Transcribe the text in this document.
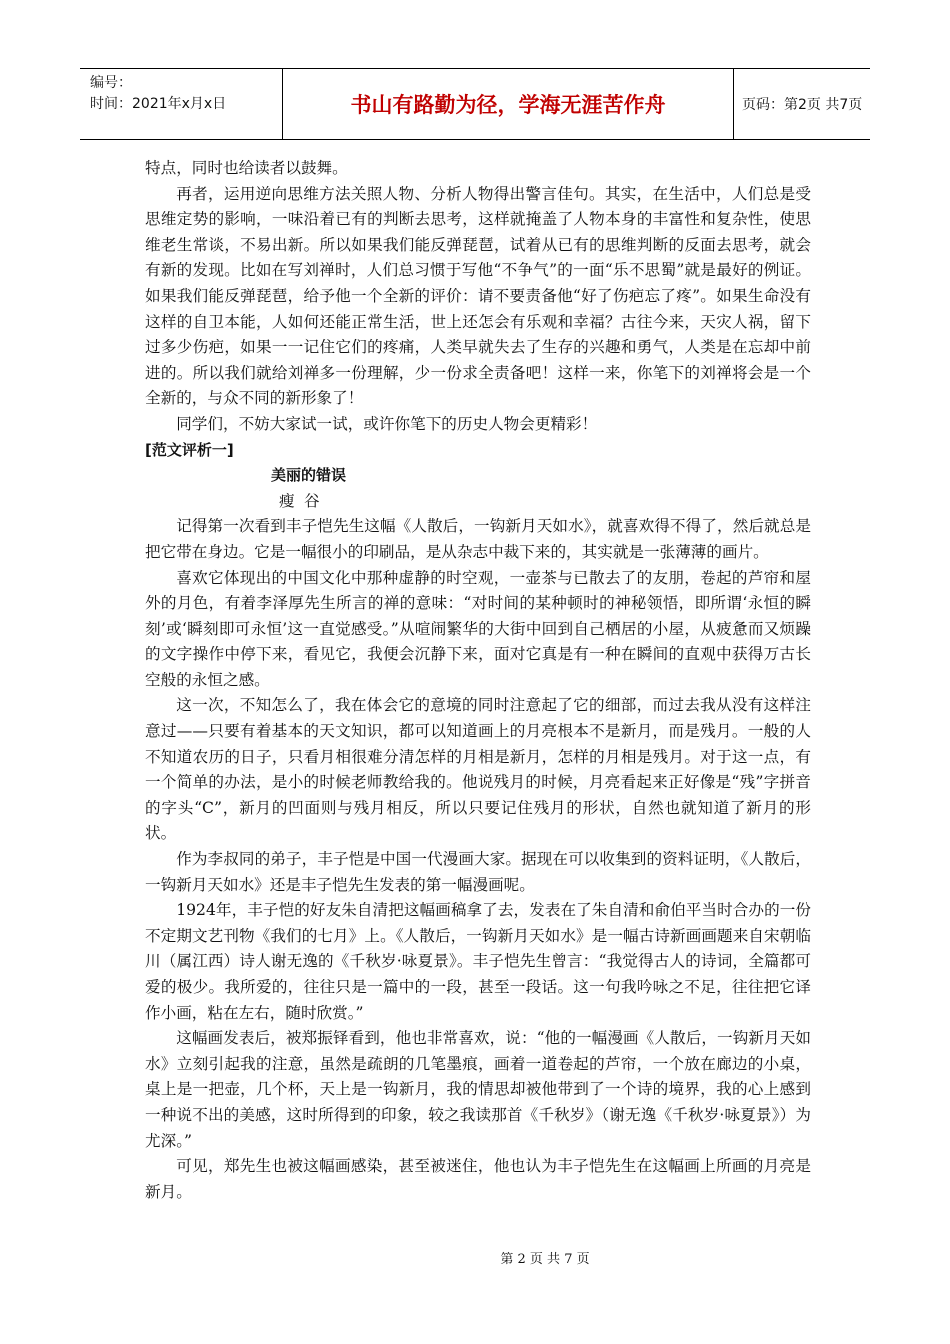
编号：
时间：2021年x月x日	书山有路勤为径，学海无涯苦作舟	页码：第2页 共7页

特点，同时也给读者以鼓舞。

再者，运用逆向思维方法关照人物、分析人物得出警言佳句。其实，在生活中，人们总是受思维定势的影响，一味沿着已有的判断去思考，这样就掩盖了人物本身的丰富性和复杂性，使思维老生常谈，不易出新。所以如果我们能反弹琵琶，试着从已有的思维判断的反面去思考，就会有新的发现。比如在写刘禅时，人们总习惯于写他“不争气”的一面“乐不思蜀”就是最好的例证。如果我们能反弹琵琶，给予他一个全新的评价：请不要责备他“好了伤疤忘了疼”。如果生命没有这样的自卫本能，人如何还能正常生活，世上还怎会有乐观和幸福？古往今来，天灾人祸，留下过多少伤疤，如果一一记住它们的疼痛，人类早就失去了生存的兴趣和勇气，人类是在忘却中前进的。所以我们就给刘禅多一份理解，少一份求全责备吧！这样一来，你笔下的刘禅将会是一个全新的，与众不同的新形象了！

同学们，不妨大家试一试，或许你笔下的历史人物会更精彩！

[范文评析一]

美丽的错误

瘦谷

记得第一次看到丰子恺先生这幅《人散后，一钩新月天如水》，就喜欢得不得了，然后就总是把它带在身边。它是一幅很小的印刷品，是从杂志中裁下来的，其实就是一张薄薄的画片。

喜欢它体现出的中国文化中那种虚静的时空观，一壶茶与已散去了的友朋，卷起的芦帘和屋外的月色，有着李泽厚先生所言的禅的意味：“对时间的某种顿时的神秘领悟，即所谓‘永恒的瞬刻’或‘瞬刻即可永恒’这一直觉感受。”从喧闹繁华的大街中回到自己栖居的小屋，从疲惫而又烦躁的文字操作中停下来，看见它，我便会沉静下来，面对它真是有一种在瞬间的直观中获得万古长空般的永恒之感。

这一次，不知怎么了，我在体会它的意境的同时注意起了它的细部，而过去我从没有这样注意过——只要有着基本的天文知识，都可以知道画上的月亮根本不是新月，而是残月。一般的人不知道农历的日子，只看月相很难分清怎样的月相是新月，怎样的月相是残月。对于这一点，有一个简单的办法，是小的时候老师教给我的。他说残月的时候，月亮看起来正好像是“残”字拼音的字头“C”，新月的凹面则与残月相反，所以只要记住残月的形状，自然也就知道了新月的形状。

作为李叔同的弟子，丰子恺是中国一代漫画大家。据现在可以收集到的资料证明，《人散后，一钩新月天如水》还是丰子恺先生发表的第一幅漫画呢。

1924年，丰子恺的好友朱自清把这幅画稿拿了去，发表在了朱自清和俞伯平当时合办的一份不定期文艺刊物《我们的七月》上。《人散后，一钩新月天如水》是一幅古诗新画画题来自宋朝临川（属江西）诗人谢无逸的《千秋岁·咏夏景》。丰子恺先生曾言：“我觉得古人的诗词，全篇都可爱的极少。我所爱的，往往只是一篇中的一段，甚至一段话。这一句我吟咏之不足，往往把它译作小画，粘在左右，随时欣赏。”

这幅画发表后，被郑振铎看到，他也非常喜欢，说：“他的一幅漫画《人散后，一钩新月天如水》立刻引起我的注意，虽然是疏朗的几笔墨痕，画着一道卷起的芦帘，一个放在廊边的小桌，桌上是一把壶，几个杯，天上是一钩新月，我的情思却被他带到了一个诗的境界，我的心上感到一种说不出的美感，这时所得到的印象，较之我读那首《千秋岁》（谢无逸《千秋岁·咏夏景》）为尤深。”

可见，郑先生也被这幅画感染，甚至被迷住，他也认为丰子恺先生在这幅画上所画的月亮是新月。

第 2 页 共 7 页
